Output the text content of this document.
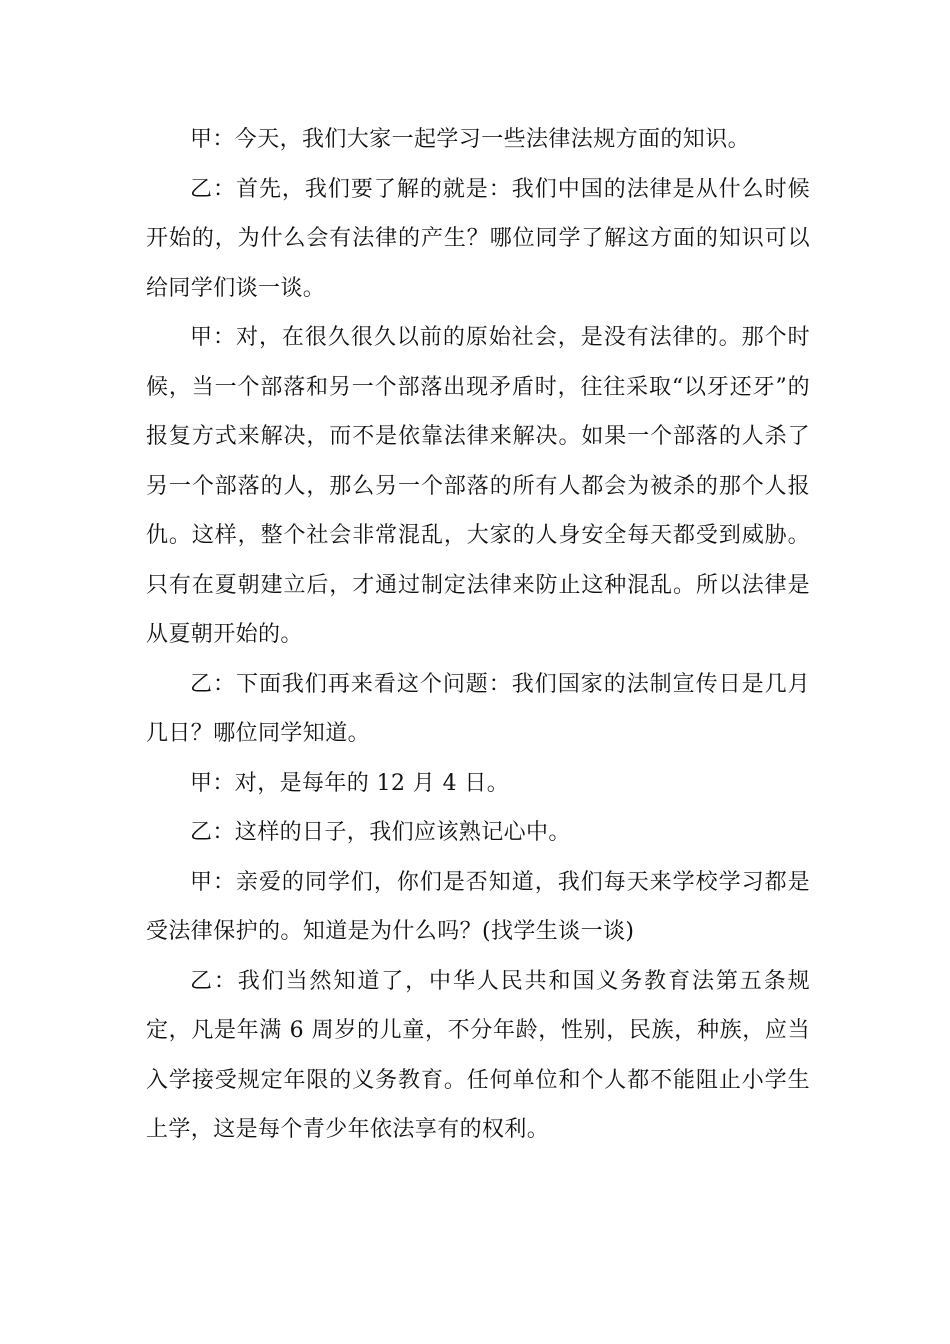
甲：今天，我们大家一起学习一些法律法规方面的知识。

乙：首先，我们要了解的就是：我们中国的法律是从什么时候开始的，为什么会有法律的产生？哪位同学了解这方面的知识可以给同学们谈一谈。

甲：对，在很久很久以前的原始社会，是没有法律的。那个时候，当一个部落和另一个部落出现矛盾时，往往采取“以牙还牙”的报复方式来解决，而不是依靠法律来解决。如果一个部落的人杀了另一个部落的人，那么另一个部落的所有人都会为被杀的那个人报仇。这样，整个社会非常混乱，大家的人身安全每天都受到威胁。只有在夏朝建立后，才通过制定法律来防止这种混乱。所以法律是从夏朝开始的。

乙：下面我们再来看这个问题：我们国家的法制宣传日是几月几日？哪位同学知道。

甲：对，是每年的 12 月 4 日。

乙：这样的日子，我们应该熟记心中。

甲：亲爱的同学们，你们是否知道，我们每天来学校学习都是受法律保护的。知道是为什么吗？(找学生谈一谈)

乙：我们当然知道了，中华人民共和国义务教育法第五条规定，凡是年满 6 周岁的儿童，不分年龄，性别，民族，种族，应当入学接受规定年限的义务教育。任何单位和个人都不能阻止小学生上学，这是每个青少年依法享有的权利。
